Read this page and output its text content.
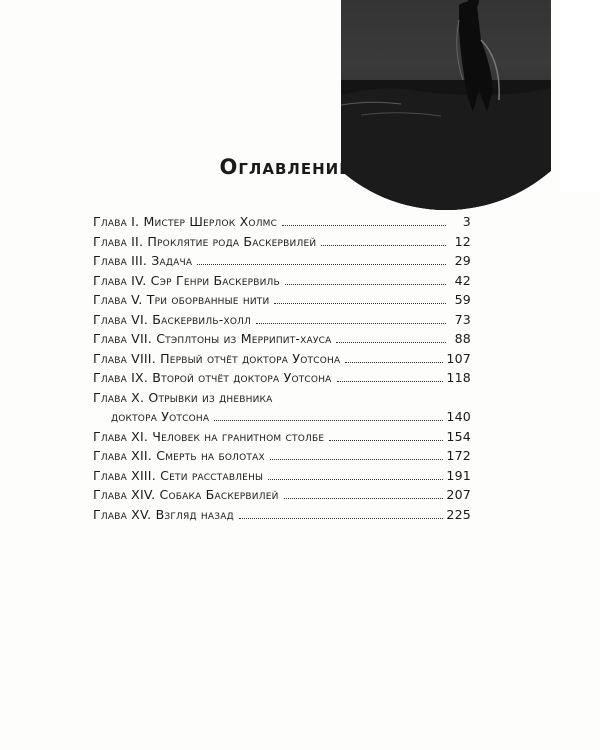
Оглавление
Глава I. Мистер Шерлок Холмс	3
Глава II. Проклятие рода Баскервилей	12
Глава III. Задача	29
Глава IV. Сэр Генри Баскервиль	42
Глава V. Три оборванные нити	59
Глава VI. Баскервиль-холл	73
Глава VII. Стэплтоны из Меррипит-хауса	88
Глава VIII. Первый отчёт доктора Уотсона	107
Глава IX. Второй отчёт доктора Уотсона	118
Глава X. Отрывки из дневника
доктора Уотсона	140
Глава XI. Человек на гранитном столбе	154
Глава XII. Смерть на болотах	172
Глава XIII. Сети расставлены	191
Глава XIV. Собака Баскервилей	207
Глава XV. Взгляд назад	225
